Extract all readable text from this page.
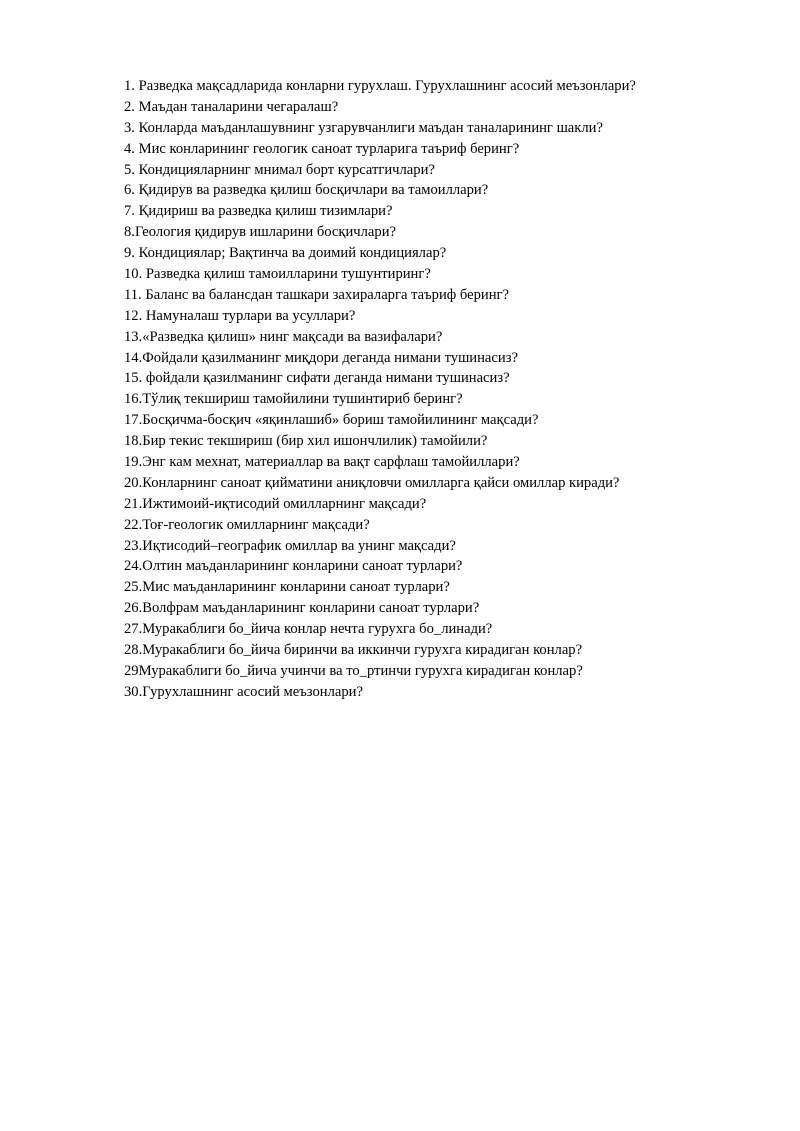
1. Разведка мақсадларида конларни гурухлаш. Гурухлашнинг асосий меъзонлари?
2. Маъдан таналарини чегаралаш?
3. Конларда маъданлашувнинг узгарувчанлиги маъдан таналарининг шакли?
4. Мис конларининг геологик саноат турларига таъриф беринг?
5. Кондицияларнинг мнимал борт курсатгичлари?
6. Қидирув ва разведка қилиш босқичлари ва тамоиллари?
7. Қидириш ва разведка қилиш тизимлари?
8.Геология қидирув ишларини босқичлари?
9. Кондициялар; Вақтинча ва доимий кондициялар?
10. Разведка қилиш тамоилларини тушунтиринг?
11. Баланс ва балансдан ташкари захираларга таъриф беринг?
12. Намуналаш турлари ва усуллари?
13.«Разведка қилиш» нинг мақсади ва вазифалари?
14.Фойдали қазилманинг миқдори деганда нимани тушинасиз?
15. фойдали қазилманинг сифати деганда нимани тушинасиз?
16.Тўлиқ текшириш тамойилини тушинтириб беринг?
17.Босқичма-босқич «яқинлашиб» бориш тамойилининг мақсади?
18.Бир текис текшириш (бир хил ишончлилик) тамойили?
19.Энг кам мехнат, материаллар ва вақт сарфлаш тамойиллари?
20.Конларнинг саноат қийматини аниқловчи омилларга қайси омиллар киради?
21.Ижтимоий-иқтисодий омилларнинг мақсади?
22.Тоғ-геологик омилларнинг мақсади?
23.Иқтисодий–географик омиллар ва унинг мақсади?
24.Олтин маъданларининг конларини саноат турлари?
25.Мис маъданларининг конларини саноат турлари?
26.Волфрам маъданларининг конларини саноат турлари?
27.Муракаблиги бо_йича конлар нечта гурухга бо_линади?
28.Муракаблиги бо_йича биринчи ва иккинчи гурухга кирадиган конлар?
29Муракаблиги бо_йича учинчи ва то_ртинчи гурухга кирадиган конлар?
30.Гурухлашнинг асосий меъзонлари?
